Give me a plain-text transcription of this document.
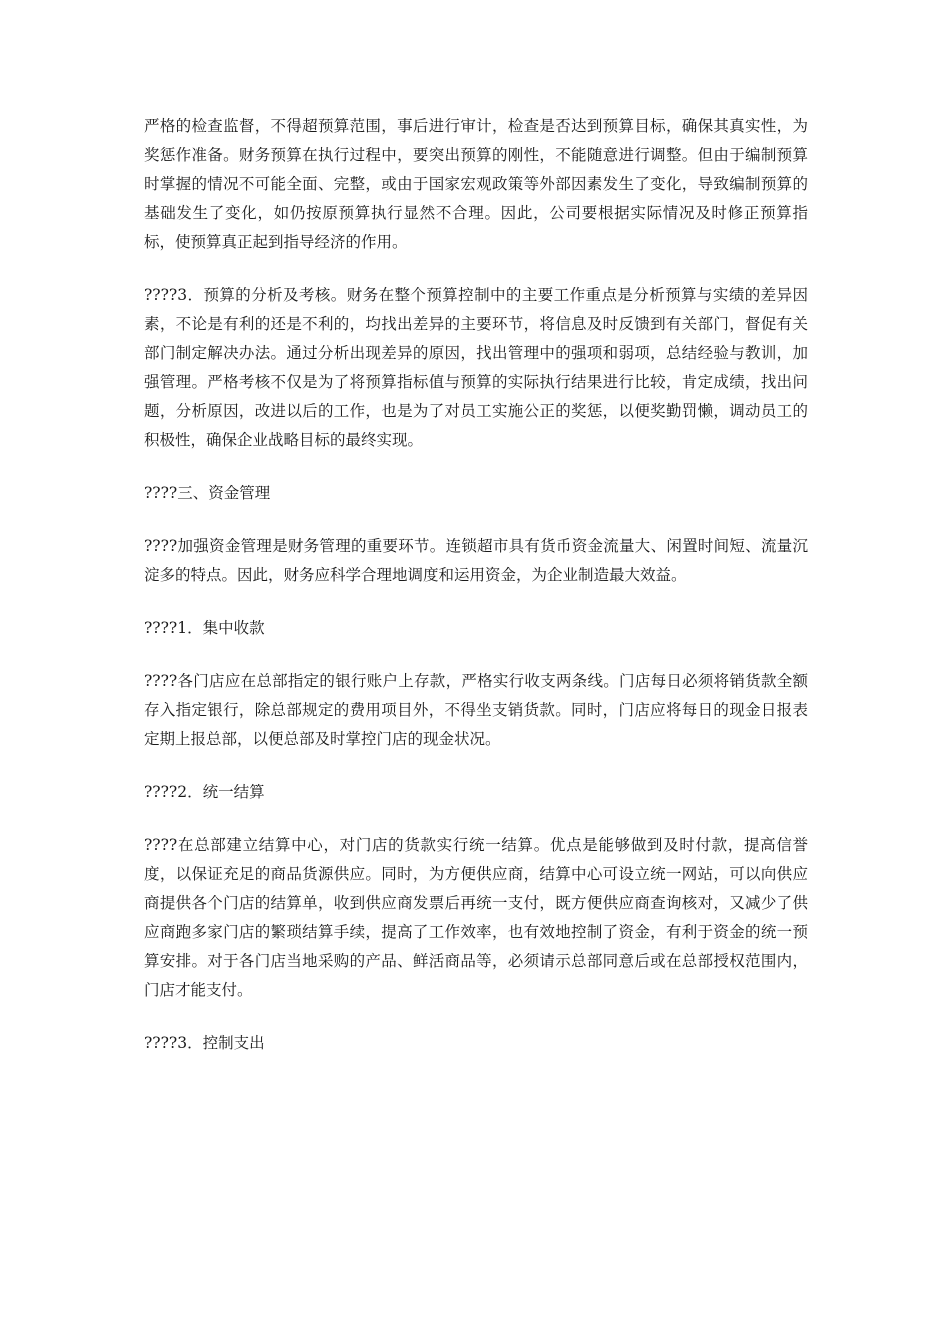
严格的检查监督，不得超预算范围，事后进行审计，检查是否达到预算目标，确保其真实性，为奖惩作准备。财务预算在执行过程中，要突出预算的刚性，不能随意进行调整。但由于编制预算时掌握的情况不可能全面、完整，或由于国家宏观政策等外部因素发生了变化，导致编制预算的基础发生了变化，如仍按原预算执行显然不合理。因此，公司要根据实际情况及时修正预算指标，使预算真正起到指导经济的作用。

????3．预算的分析及考核。财务在整个预算控制中的主要工作重点是分析预算与实绩的差异因素，不论是有利的还是不利的，均找出差异的主要环节，将信息及时反馈到有关部门，督促有关部门制定解决办法。通过分析出现差异的原因，找出管理中的强项和弱项，总结经验与教训，加强管理。严格考核不仅是为了将预算指标值与预算的实际执行结果进行比较，肯定成绩，找出问题，分析原因，改进以后的工作，也是为了对员工实施公正的奖惩，以便奖勤罚懒，调动员工的积极性，确保企业战略目标的最终实现。

????三、资金管理

????加强资金管理是财务管理的重要环节。连锁超市具有货币资金流量大、闲置时间短、流量沉淀多的特点。因此，财务应科学合理地调度和运用资金，为企业制造最大效益。

????1．集中收款

????各门店应在总部指定的银行账户上存款，严格实行收支两条线。门店每日必须将销货款全额存入指定银行，除总部规定的费用项目外，不得坐支销货款。同时，门店应将每日的现金日报表定期上报总部，以便总部及时掌控门店的现金状况。

????2．统一结算

????在总部建立结算中心，对门店的货款实行统一结算。优点是能够做到及时付款，提高信誉度，以保证充足的商品货源供应。同时，为方便供应商，结算中心可设立统一网站，可以向供应商提供各个门店的结算单，收到供应商发票后再统一支付，既方便供应商查询核对，又减少了供应商跑多家门店的繁琐结算手续，提高了工作效率，也有效地控制了资金，有利于资金的统一预算安排。对于各门店当地采购的产品、鲜活商品等，必须请示总部同意后或在总部授权范围内，门店才能支付。

????3．控制支出
